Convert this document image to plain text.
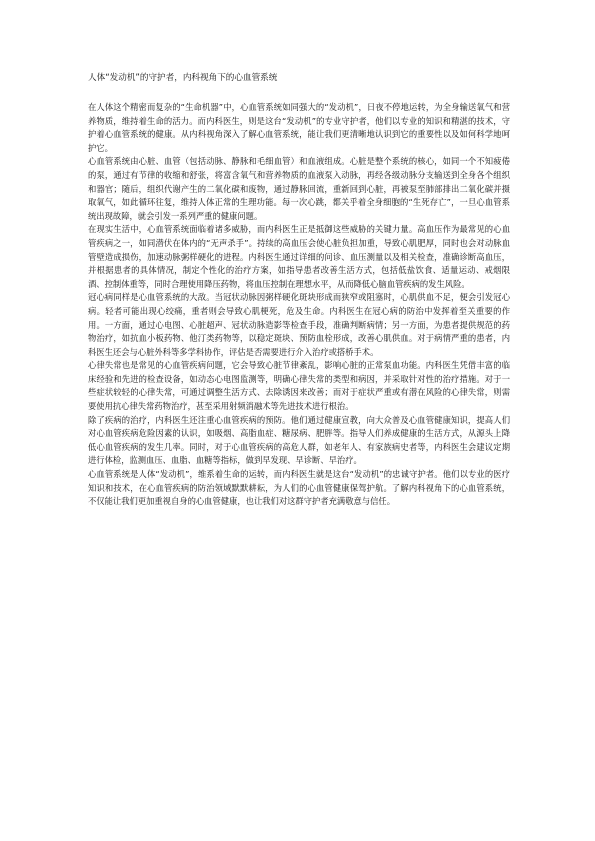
人体“发动机”的守护者，内科视角下的心血管系统

在人体这个精密而复杂的“生命机器”中，心血管系统如同强大的“发动机”，日夜不停地运转，为全身输送氧气和营养物质，维持着生命的活力。而内科医生，则是这台“发动机”的专业守护者，他们以专业的知识和精湛的技术，守护着心血管系统的健康。从内科视角深入了解心血管系统，能让我们更清晰地认识到它的重要性以及如何科学地呵护它。

心血管系统由心脏、血管（包括动脉、静脉和毛细血管）和血液组成。心脏是整个系统的核心，如同一个不知疲倦的泵，通过有节律的收缩和舒张，将富含氧气和营养物质的血液泵入动脉，再经各级动脉分支输送到全身各个组织和器官；随后，组织代谢产生的二氧化碳和废物，通过静脉回流，重新回到心脏，再被泵至肺部排出二氧化碳并摄取氧气，如此循环往复，维持人体正常的生理功能。每一次心跳，都关乎着全身细胞的“生死存亡”，一旦心血管系统出现故障，就会引发一系列严重的健康问题。

在现实生活中，心血管系统面临着诸多威胁，而内科医生正是抵御这些威胁的关键力量。高血压作为最常见的心血管疾病之一，如同潜伏在体内的“无声杀手”。持续的高血压会使心脏负担加重，导致心肌肥厚，同时也会对动脉血管壁造成损伤，加速动脉粥样硬化的进程。内科医生通过详细的问诊、血压测量以及相关检查，准确诊断高血压，并根据患者的具体情况，制定个性化的治疗方案，如指导患者改善生活方式，包括低盐饮食、适量运动、戒烟限酒、控制体重等，同时合理使用降压药物，将血压控制在理想水平，从而降低心脑血管疾病的发生风险。

冠心病同样是心血管系统的大敌。当冠状动脉因粥样硬化斑块形成而狭窄或阻塞时，心肌供血不足，便会引发冠心病。轻者可能出现心绞痛，重者则会导致心肌梗死，危及生命。内科医生在冠心病的防治中发挥着至关重要的作用。一方面，通过心电图、心脏超声、冠状动脉造影等检查手段，准确判断病情；另一方面，为患者提供规范的药物治疗，如抗血小板药物、他汀类药物等，以稳定斑块、预防血栓形成，改善心肌供血。对于病情严重的患者，内科医生还会与心脏外科等多学科协作，评估是否需要进行介入治疗或搭桥手术。

心律失常也是常见的心血管疾病问题，它会导致心脏节律紊乱，影响心脏的正常泵血功能。内科医生凭借丰富的临床经验和先进的检查设备，如动态心电图监测等，明确心律失常的类型和病因，并采取针对性的治疗措施。对于一些症状较轻的心律失常，可通过调整生活方式、去除诱因来改善；而对于症状严重或有潜在风险的心律失常，则需要使用抗心律失常药物治疗，甚至采用射频消融术等先进技术进行根治。

除了疾病的治疗，内科医生还注重心血管疾病的预防。他们通过健康宣教，向大众普及心血管健康知识，提高人们对心血管疾病危险因素的认识，如吸烟、高脂血症、糖尿病、肥胖等。指导人们养成健康的生活方式，从源头上降低心血管疾病的发生几率。同时，对于心血管疾病的高危人群，如老年人、有家族病史者等，内科医生会建议定期进行体检，监测血压、血脂、血糖等指标，做到早发现、早诊断、早治疗。

心血管系统是人体“发动机”，维系着生命的运转，而内科医生就是这台“发动机”的忠诚守护者。他们以专业的医疗知识和技术，在心血管疾病的防治领域默默耕耘，为人们的心血管健康保驾护航。了解内科视角下的心血管系统，不仅能让我们更加重视自身的心血管健康，也让我们对这群守护者充满敬意与信任。
